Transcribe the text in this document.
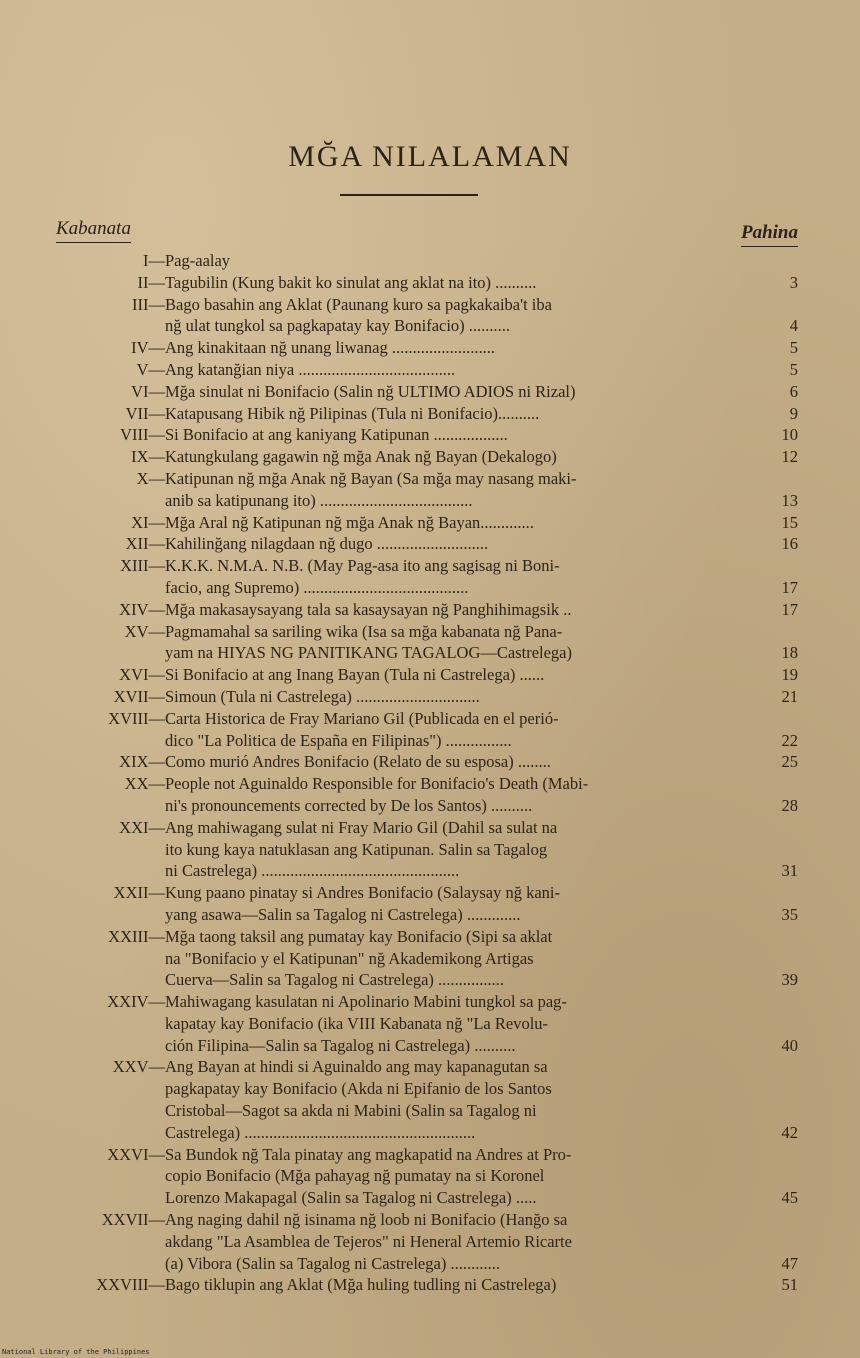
MĞA NILALAMAN
Kabanata	Pahina
I— Pag-aalay
II— Tagubilin (Kung bakit ko sinulat ang aklat na ito) ..........	3
III— Bago basahin ang Aklat (Paunang kuro sa pagkakaiba't iba
nğ ulat tungkol sa pagkapatay kay Bonifacio) ..........	4
IV— Ang kinakitaan nğ unang liwanag .........................	5
V— Ang katanğian niya ......................................	5
VI— Mğa sinulat ni Bonifacio (Salin nğ ULTIMO ADIOS ni Rizal)	6
VII— Katapusang Hibik nğ Pilipinas (Tula ni Bonifacio)..........	9
VIII— Si Bonifacio at ang kaniyang Katipunan ..................	10
IX— Katungkulang gagawin nğ mğa Anak nğ Bayan (Dekalogo)	12
X— Katipunan nğ mğa Anak nğ Bayan (Sa mğa may nasang maki-
anib sa katipunang ito) .....................................	13
XI— Mğa Aral nğ Katipunan nğ mğa Anak nğ Bayan.............	15
XII— Kahilinğang nilagdaan nğ dugo ...........................	16
XIII— K.K.K. N.M.A. N.B. (May Pag-asa ito ang sagisag ni Boni-
facio, ang Supremo) ........................................	17
XIV— Mğa makasaysayang tala sa kasaysayan nğ Panghihimagsik ..	17
XV— Pagmamahal sa sariling wika (Isa sa mğa kabanata nğ Pana-
yam na HIYAS NG PANITIKANG TAGALOG—Castrelega)	18
XVI— Si Bonifacio at ang Inang Bayan (Tula ni Castrelega) ......	19
XVII— Simoun (Tula ni Castrelega) ..............................	21
XVIII— Carta Historica de Fray Mariano Gil (Publicada en el perió-
dico "La Politica de España en Filipinas") ................	22
XIX— Como murió Andres Bonifacio (Relato de su esposa) ........	25
XX— People not Aguinaldo Responsible for Bonifacio's Death (Mabi-
ni's pronouncements corrected by De los Santos) ..........	28
XXI— Ang mahiwagang sulat ni Fray Mario Gil (Dahil sa sulat na
ito kung kaya natuklasan ang Katipunan. Salin sa Tagalog
ni Castrelega) ................................................	31
XXII— Kung paano pinatay si Andres Bonifacio (Salaysay nğ kani-
yang asawa—Salin sa Tagalog ni Castrelega) .............	35
XXIII— Mğa taong taksil ang pumatay kay Bonifacio (Sipi sa aklat
na "Bonifacio y el Katipunan" nğ Akademikong Artigas
Cuerva—Salin sa Tagalog ni Castrelega) ................	39
XXIV— Mahiwagang kasulatan ni Apolinario Mabini tungkol sa pag-
kapatay kay Bonifacio (ika VIII Kabanata nğ "La Revolu-
ción Filipina—Salin sa Tagalog ni Castrelega) ..........	40
XXV— Ang Bayan at hindi si Aguinaldo ang may kapanagutan sa
pagkapatay kay Bonifacio (Akda ni Epifanio de los Santos
Cristobal—Sagot sa akda ni Mabini (Salin sa Tagalog ni
Castrelega) ........................................................	42
XXVI— Sa Bundok nğ Tala pinatay ang magkapatid na Andres at Pro-
copio Bonifacio (Mğa pahayag nğ pumatay na si Koronel
Lorenzo Makapagal (Salin sa Tagalog ni Castrelega) .....	45
XXVII— Ang naging dahil nğ isinama nğ loob ni Bonifacio (Hanğo sa
akdang "La Asamblea de Tejeros" ni Heneral Artemio Ricarte
(a) Vibora (Salin sa Tagalog ni Castrelega) ............	47
XXVIII— Bago tiklupin ang Aklat (Mğa huling tudling ni Castrelega)	51
National Library of the Philippines
